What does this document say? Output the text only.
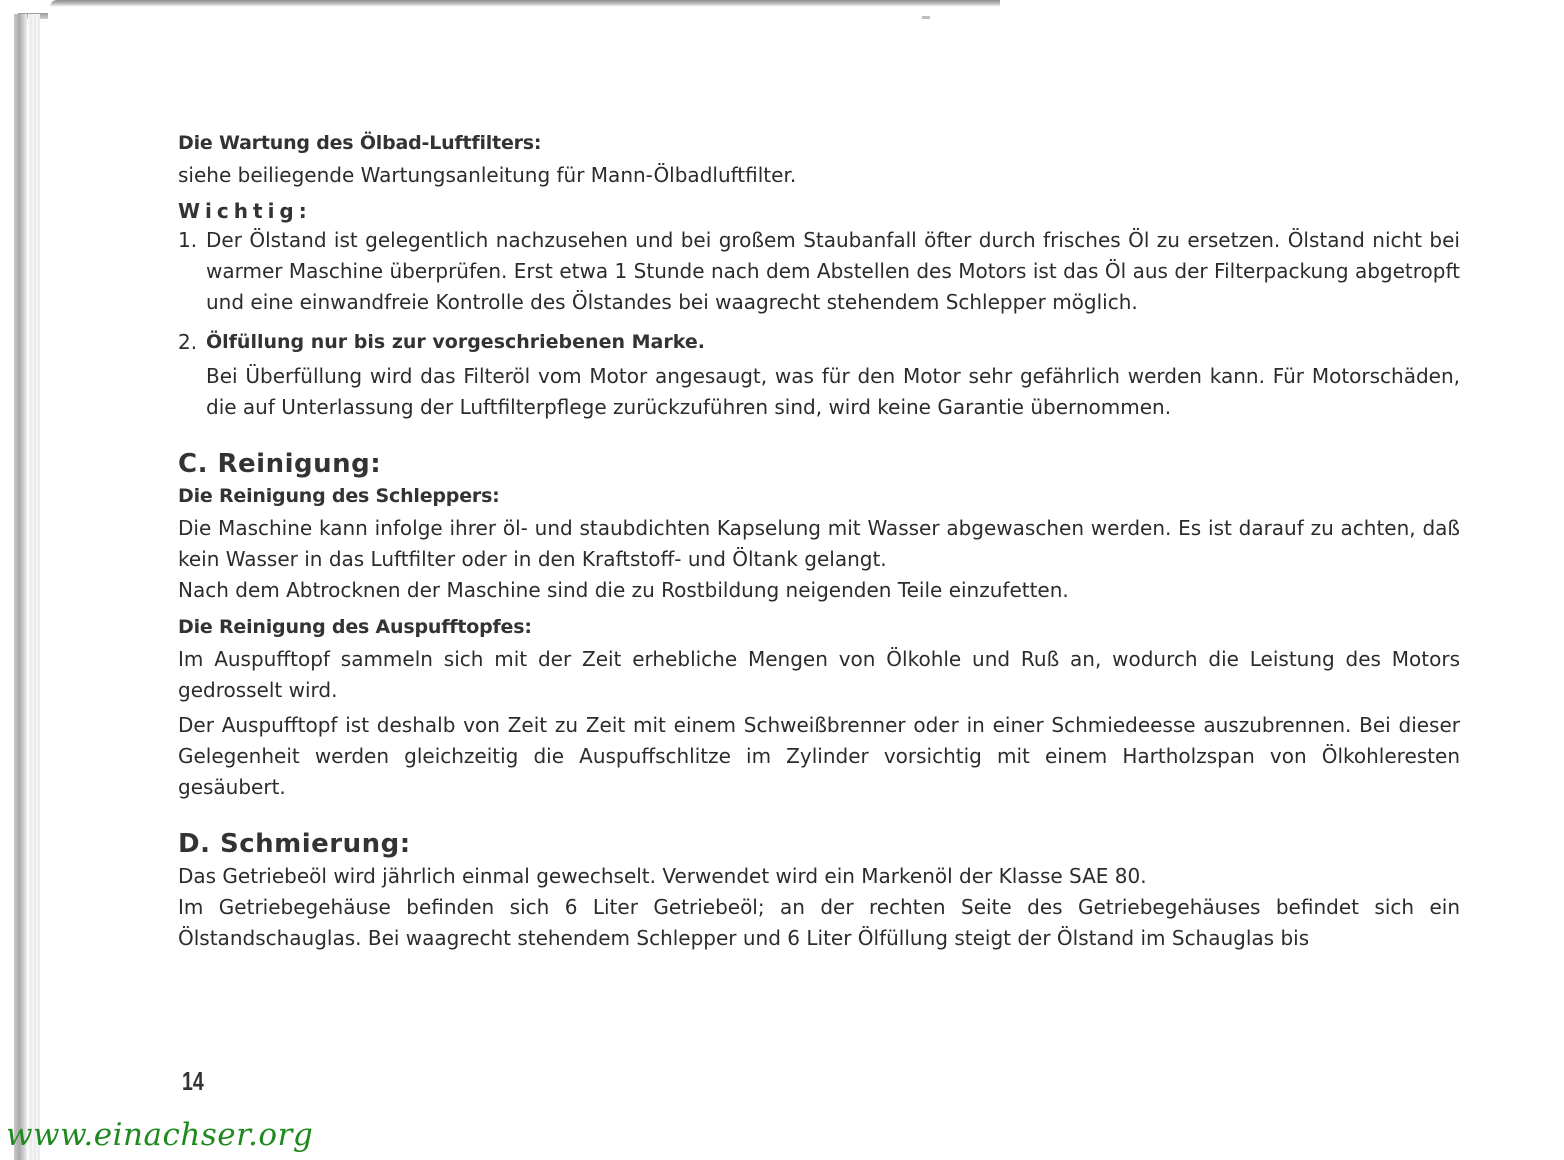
Die Wartung des Ölbad-Luftfilters:

siehe beiliegende Wartungsanleitung für Mann-Ölbadluftfilter.

Wichtig:

1. Der Ölstand ist gelegentlich nachzusehen und bei großem Staubanfall öfter durch frisches Öl zu ersetzen. Ölstand nicht bei warmer Maschine überprüfen. Erst etwa 1 Stunde nach dem Abstellen des Motors ist das Öl aus der Filterpackung abgetropft und eine einwandfreie Kontrolle des Ölstandes bei waagrecht stehendem Schlepper möglich.

2. Ölfüllung nur bis zur vorgeschriebenen Marke.

Bei Überfüllung wird das Filteröl vom Motor angesaugt, was für den Motor sehr gefährlich werden kann. Für Motorschäden, die auf Unterlassung der Luftfilterpflege zurückzuführen sind, wird keine Garantie übernommen.

C. Reinigung:

Die Reinigung des Schleppers:

Die Maschine kann infolge ihrer öl- und staubdichten Kapselung mit Wasser abgewaschen werden. Es ist darauf zu achten, daß kein Wasser in das Luftfilter oder in den Kraftstoff- und Öltank gelangt.

Nach dem Abtrocknen der Maschine sind die zu Rostbildung neigenden Teile einzufetten.

Die Reinigung des Auspufftopfes:

Im Auspufftopf sammeln sich mit der Zeit erhebliche Mengen von Ölkohle und Ruß an, wodurch die Leistung des Motors gedrosselt wird.

Der Auspufftopf ist deshalb von Zeit zu Zeit mit einem Schweißbrenner oder in einer Schmiedeesse auszubrennen. Bei dieser Gelegenheit werden gleichzeitig die Auspuffschlitze im Zylinder vorsichtig mit einem Hartholzspan von Ölkohleresten gesäubert.

D. Schmierung:

Das Getriebeöl wird jährlich einmal gewechselt. Verwendet wird ein Markenöl der Klasse SAE 80.

Im Getriebegehäuse befinden sich 6 Liter Getriebeöl; an der rechten Seite des Getriebegehäuses befindet sich ein Ölstandschauglas. Bei waagrecht stehendem Schlepper und 6 Liter Ölfüllung steigt der Ölstand im Schauglas bis

14
www.einachser.org
